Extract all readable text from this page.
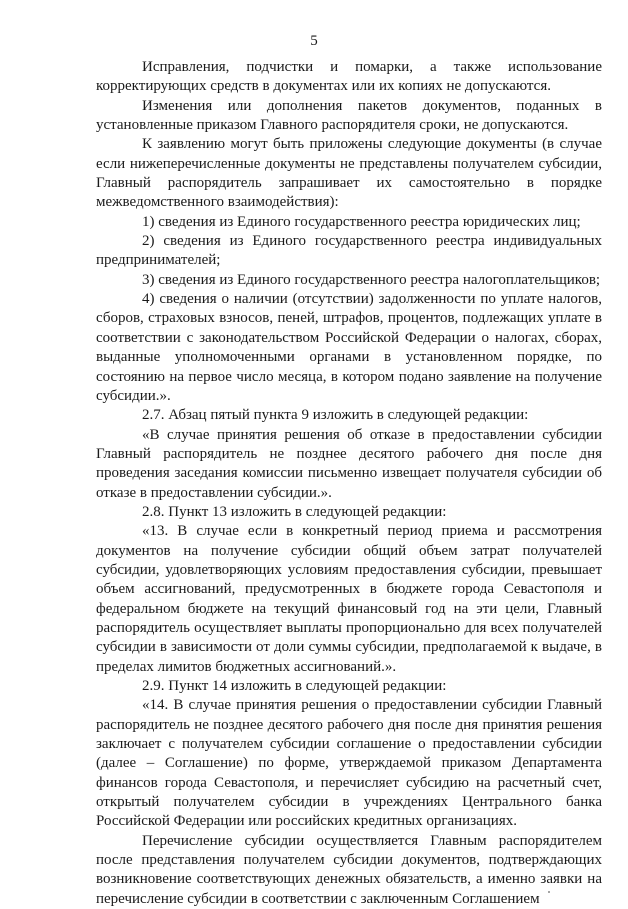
5

Исправления, подчистки и помарки, а также использование корректирующих средств в документах или их копиях не допускаются.

Изменения или дополнения пакетов документов, поданных в установленные приказом Главного распорядителя сроки, не допускаются.

К заявлению могут быть приложены следующие документы (в случае если нижеперечисленные документы не представлены получателем субсидии, Главный распорядитель запрашивает их самостоятельно в порядке межведомственного взаимодействия):

1) сведения из Единого государственного реестра юридических лиц;

2) сведения из Единого государственного реестра индивидуальных предпринимателей;

3) сведения из Единого государственного реестра налогоплательщиков;

4) сведения о наличии (отсутствии) задолженности по уплате налогов, сборов, страховых взносов, пеней, штрафов, процентов, подлежащих уплате в соответствии с законодательством Российской Федерации о налогах, сборах, выданные уполномоченными органами в установленном порядке, по состоянию на первое число месяца, в котором подано заявление на получение субсидии.».

2.7. Абзац пятый пункта 9 изложить в следующей редакции:

«В случае принятия решения об отказе в предоставлении субсидии Главный распорядитель не позднее десятого рабочего дня после дня проведения заседания комиссии письменно извещает получателя субсидии об отказе в предоставлении субсидии.».

2.8. Пункт 13 изложить в следующей редакции:

«13. В случае если в конкретный период приема и рассмотрения документов на получение субсидии общий объем затрат получателей субсидии, удовлетворяющих условиям предоставления субсидии, превышает объем ассигнований, предусмотренных в бюджете города Севастополя и федеральном бюджете на текущий финансовый год на эти цели, Главный распорядитель осуществляет выплаты пропорционально для всех получателей субсидии в зависимости от доли суммы субсидии, предполагаемой к выдаче, в пределах лимитов бюджетных ассигнований.».

2.9. Пункт 14 изложить в следующей редакции:

«14. В случае принятия решения о предоставлении субсидии Главный распорядитель не позднее десятого рабочего дня после дня принятия решения заключает с получателем субсидии соглашение о предоставлении субсидии (далее – Соглашение) по форме, утверждаемой приказом Департамента финансов города Севастополя, и перечисляет субсидию на расчетный счет, открытый получателем субсидии в учреждениях Центрального банка Российской Федерации или российских кредитных организациях.

Перечисление субсидии осуществляется Главным распорядителем после представления получателем субсидии документов, подтверждающих возникновение соответствующих денежных обязательств, а именно заявки на перечисление субсидии в соответствии с заключенным Соглашением
